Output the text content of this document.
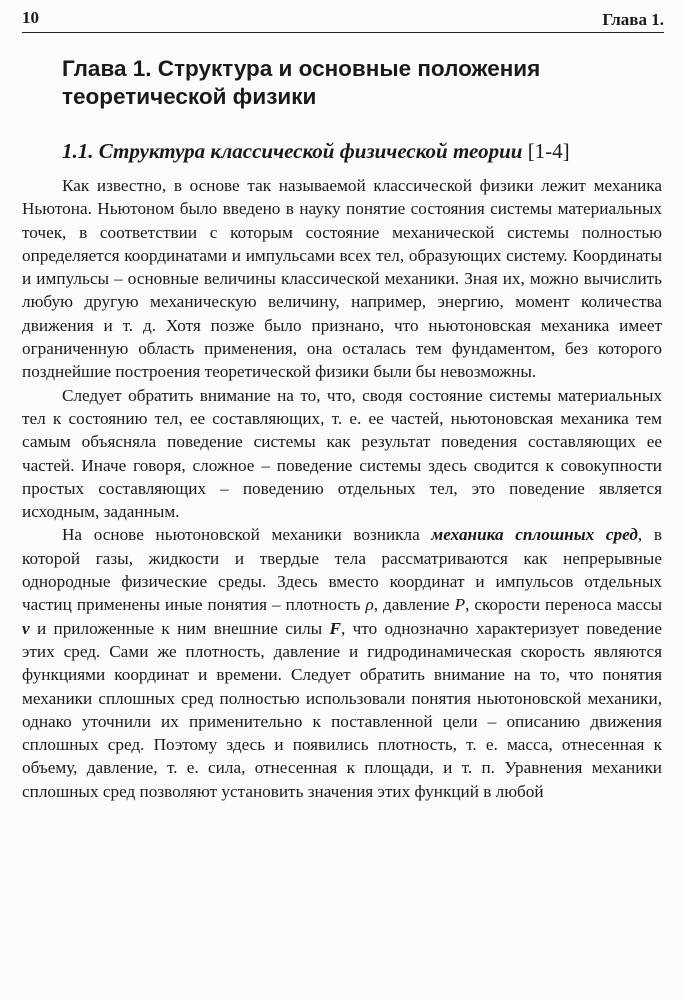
10	Глава 1.
Глава 1. Структура и основные положения теоретической физики
1.1. Структура классической физической теории [1-4]

Как известно, в основе так называемой классической физики лежит механика Ньютона. Ньютоном было введено в науку понятие состояния системы материальных точек, в соответствии с которым состояние механической системы полностью определяется координатами и импульсами всех тел, образующих систему. Координаты и импульсы – основные величины классической механики. Зная их, можно вычислить любую другую механическую величину, например, энергию, момент количества движения и т. д. Хотя позже было признано, что ньютоновская механика имеет ограниченную область применения, она осталась тем фундаментом, без которого позднейшие построения теоретической физики были бы невозможны.

Следует обратить внимание на то, что, сводя состояние системы материальных тел к состоянию тел, ее составляющих, т. е. ее частей, ньютоновская механика тем самым объясняла поведение системы как результат поведения составляющих ее частей. Иначе говоря, сложное – поведение системы здесь сводится к совокупности простых составляющих – поведению отдельных тел, это поведение является исходным, заданным.

На основе ньютоновской механики возникла механика сплошных сред, в которой газы, жидкости и твердые тела рассматриваются как непрерывные однородные физические среды. Здесь вместо координат и импульсов отдельных частиц применены иные понятия – плотность ρ, давление P, скорости переноса массы v и приложенные к ним внешние силы F, что однозначно характеризует поведение этих сред. Сами же плотность, давление и гидродинамическая скорость являются функциями координат и времени. Следует обратить внимание на то, что понятия механики сплошных сред полностью использовали понятия ньютоновской механики, однако уточнили их применительно к поставленной цели – описанию движения сплошных сред. Поэтому здесь и появились плотность, т. е. масса, отнесенная к объему, давление, т. е. сила, отнесенная к площади, и т. п. Уравнения механики сплошных сред позволяют установить значения этих функций в любой
